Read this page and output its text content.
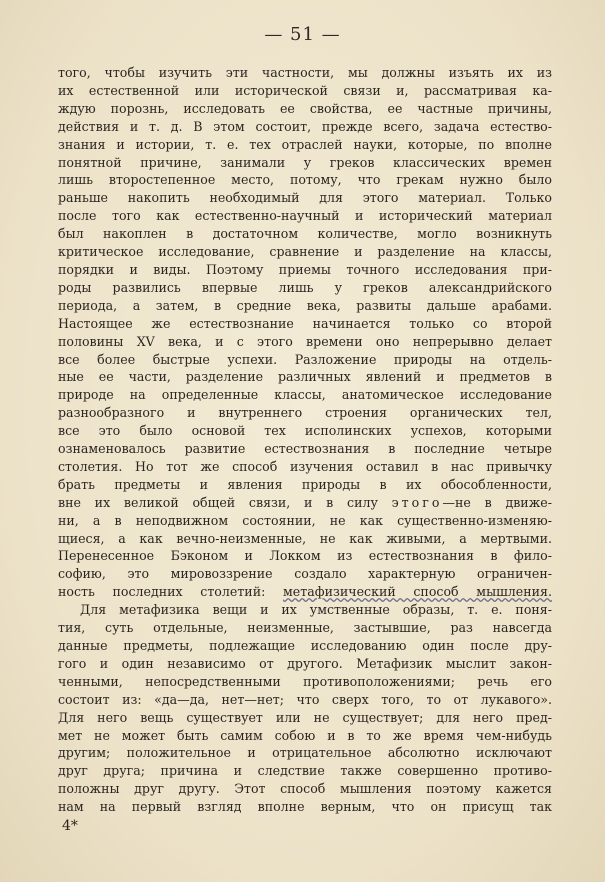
— 51 —
того, чтобы изучить эти частности, мы должны изъять их из
их естественной или исторической связи и, рассматривая ка-
ждую порознь, исследовать ее свойства, ее частные причины,
действия и т. д. В этом состоит, прежде всего, задача естество-
знания и истории, т. е. тех отраслей науки, которые, по вполне
понятной причине, занимали у греков классических времен
лишь второстепенное место, потому, что грекам нужно было
раньше накопить необходимый для этого материал. Только
после того как естественно-научный и исторический материал
был накоплен в достаточном количестве, могло возникнуть
критическое исследование, сравнение и разделение на классы,
порядки и виды. Поэтому приемы точного исследования при-
роды развились впервые лишь у греков александрийского
периода, а затем, в средние века, развиты дальше арабами.
Настоящее же естествознание начинается только со второй
половины XV века, и с этого времени оно непрерывно делает
все более быстрые успехи. Разложение природы на отдель-
ные ее части, разделение различных явлений и предметов в
природе на определенные классы, анатомическое исследование
разнообразного и внутреннего строения органических тел,
все это было основой тех исполинских успехов, которыми
ознаменовалось развитие естествознания в последние четыре
столетия. Но тот же способ изучения оставил в нас привычку
брать предметы и явления природы в их обособленности,
вне их великой общей связи, и в силу этого—не в движе-
ни, а в неподвижном состоянии, не как существенно-изменяю-
щиеся, а как вечно-неизменные, не как живыми, а мертвыми.
Перенесенное Бэконом и Локком из естествознания в фило-
софию, это мировоззрение создало характерную ограничен-
ность последних столетий: метафизический способ мышления.
Для метафизика вещи и их умственные образы, т. е. поня-
тия, суть отдельные, неизменные, застывшие, раз навсегда
данные предметы, подлежащие исследованию один после дру-
гого и один независимо от другого. Метафизик мыслит закон-
ченными, непосредственными противоположениями; речь его
состоит из: «да—да, нет—нет; что сверх того, то от лукавого».
Для него вещь существует или не существует; для него пред-
мет не может быть самим собою и в то же время чем-нибудь
другим; положительное и отрицательное абсолютно исключают
друг друга; причина и следствие также совершенно противо-
положны друг другу. Этот способ мышления поэтому кажется
нам на первый взгляд вполне верным, что он присущ так
4*
